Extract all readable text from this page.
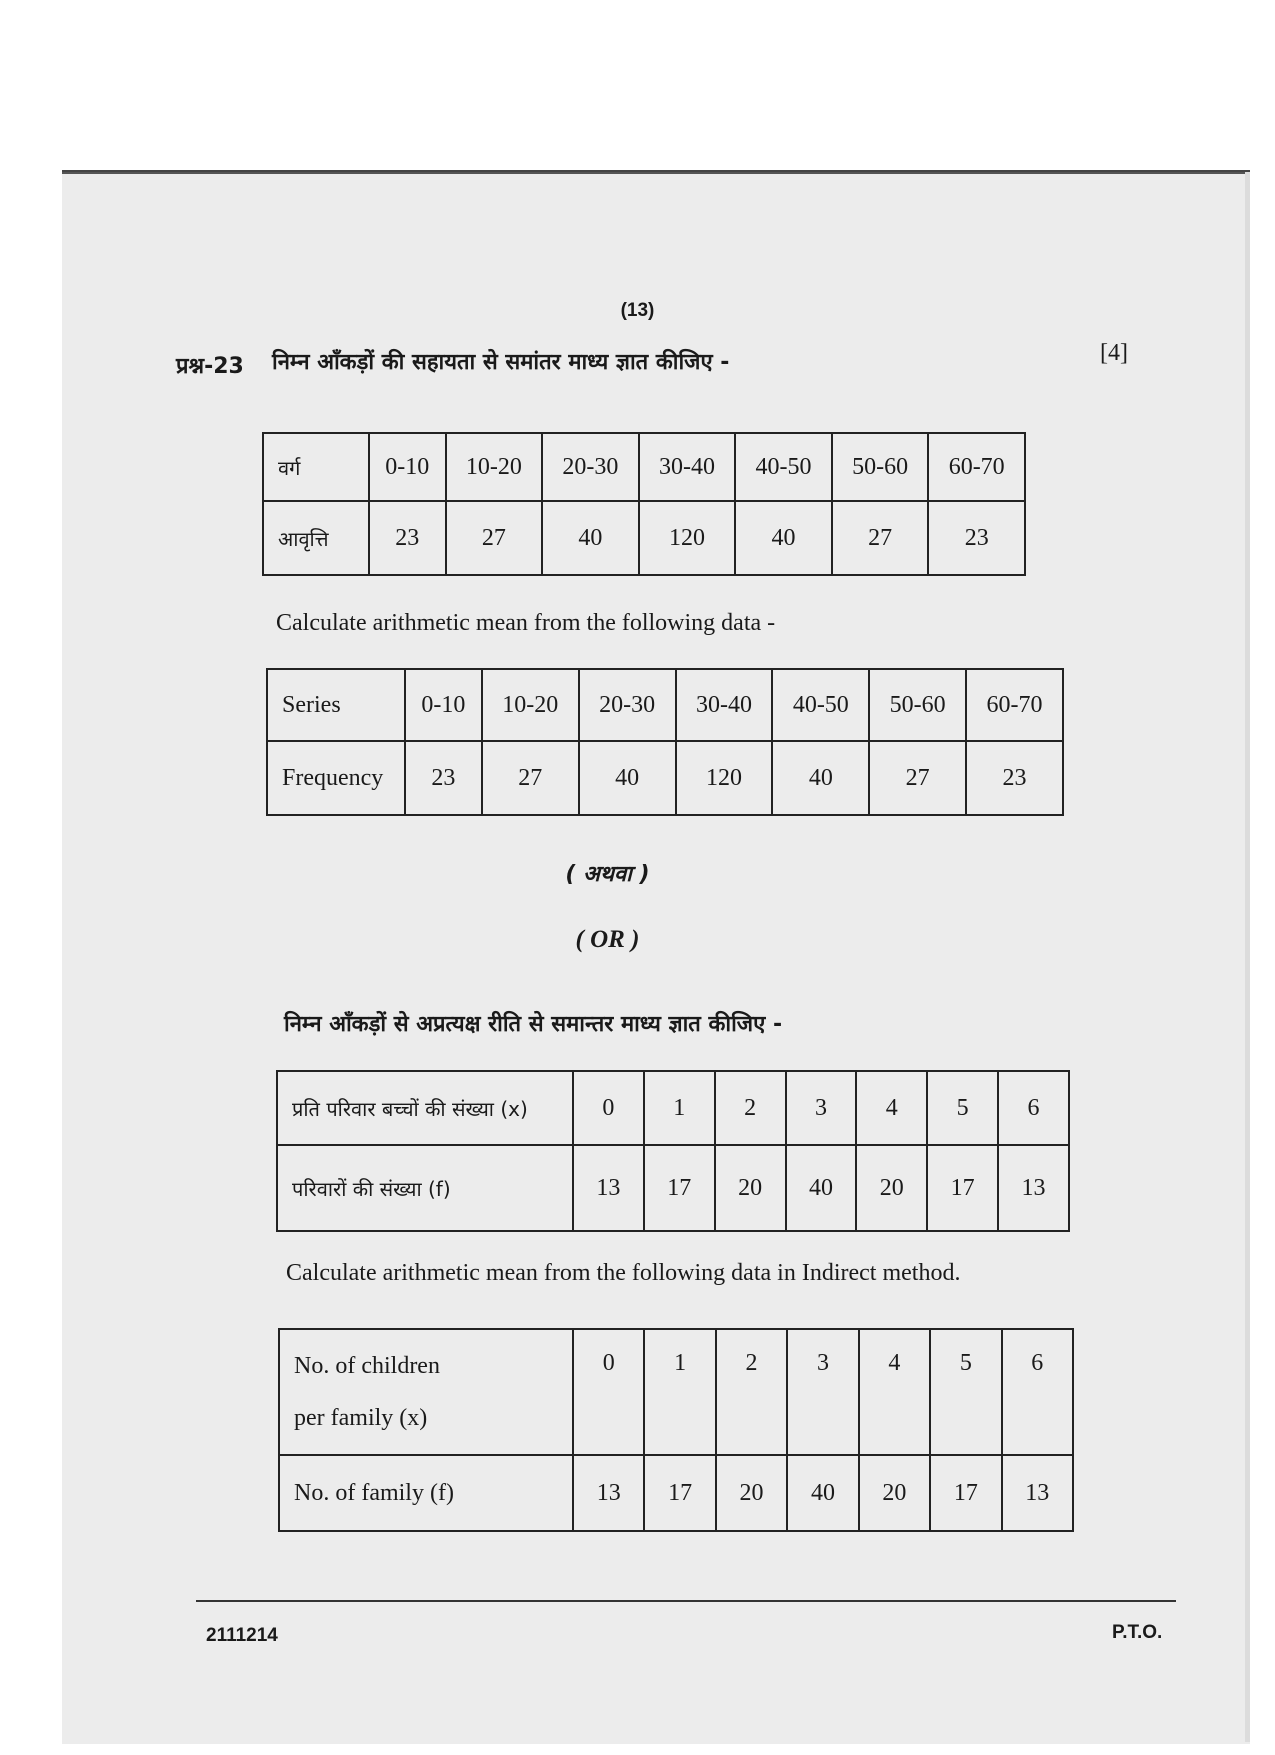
(13)
प्रश्न-23 निम्न आँकड़ों की सहायता से समांतर माध्य ज्ञात कीजिए -	[4]
वर्ग	0-10	10-20	20-30	30-40	40-50	50-60	60-70
आवृत्ति	23	27	40	120	40	27	23
Calculate arithmetic mean from the following data -
Series	0-10	10-20	20-30	30-40	40-50	50-60	60-70
Frequency	23	27	40	120	40	27	23
( अथवा )
( OR )
निम्न आँकड़ों से अप्रत्यक्ष रीति से समान्तर माध्य ज्ञात कीजिए -
प्रति परिवार बच्चों की संख्या (x)	0	1	2	3	4	5	6
परिवारों की संख्या (f)	13	17	20	40	20	17	13
Calculate arithmetic mean from the following data in Indirect method.
No. of children
per family (x)	0	1	2	3	4	5	6
No. of family (f)	13	17	20	40	20	17	13
2111214	P.T.O.
